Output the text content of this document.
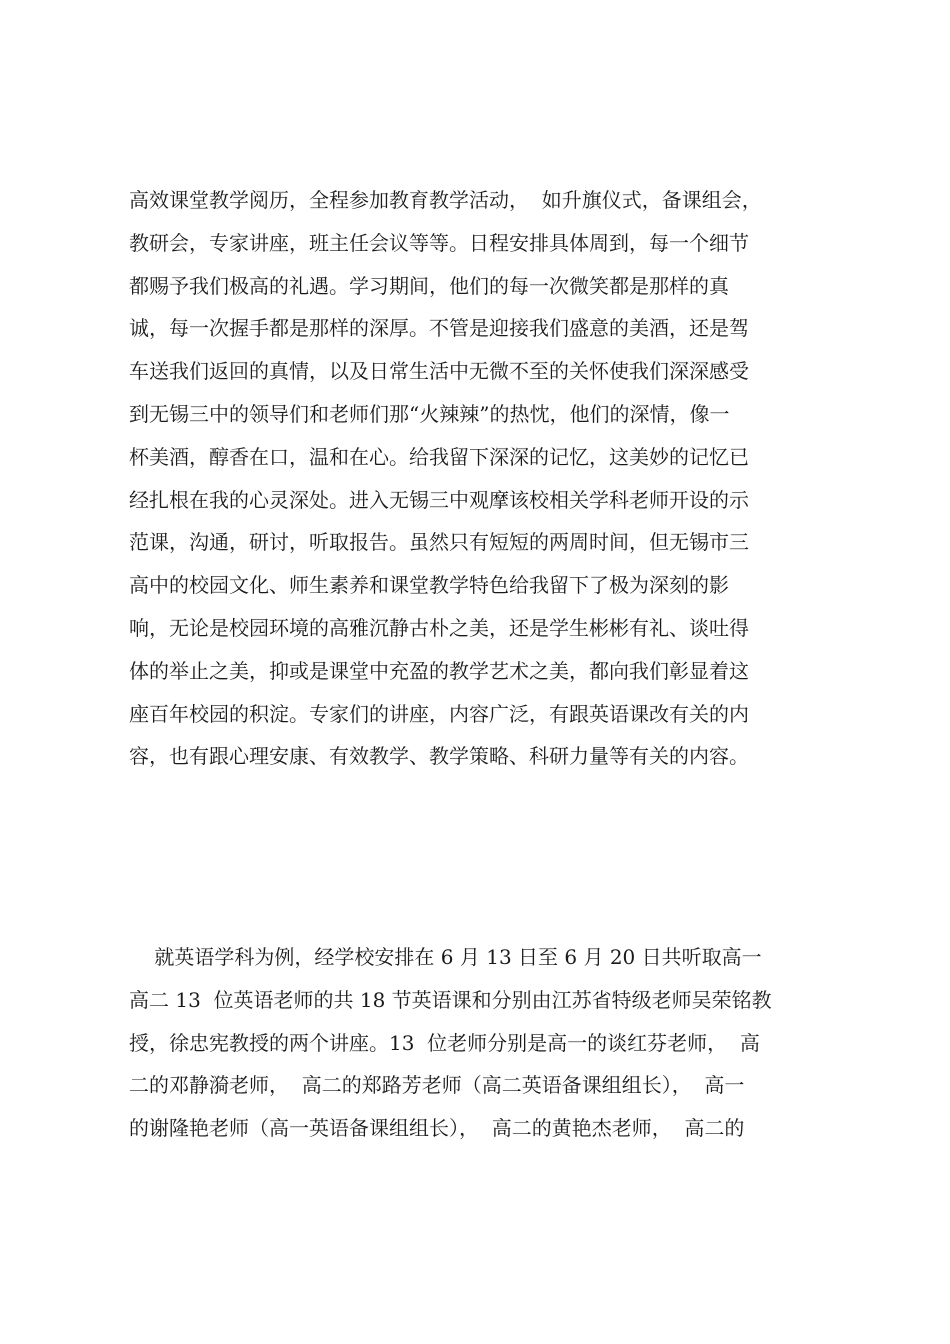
高效课堂教学阅历，全程参加教育教学活动，  如升旗仪式，备课组会，
教研会，专家讲座，班主任会议等等。日程安排具体周到，每一个细节
都赐予我们极高的礼遇。学习期间，他们的每一次微笑都是那样的真
诚，每一次握手都是那样的深厚。不管是迎接我们盛意的美酒，还是驾
车送我们返回的真情，以及日常生活中无微不至的关怀使我们深深感受
到无锡三中的领导们和老师们那“火辣辣”的热忱，他们的深情，像一
杯美酒，醇香在口，温和在心。给我留下深深的记忆，这美妙的记忆已
经扎根在我的心灵深处。进入无锡三中观摩该校相关学科老师开设的示
范课，沟通，研讨，听取报告。虽然只有短短的两周时间，但无锡市三
高中的校园文化、师生素养和课堂教学特色给我留下了极为深刻的影
响，无论是校园环境的高雅沉静古朴之美，还是学生彬彬有礼、谈吐得
体的举止之美，抑或是课堂中充盈的教学艺术之美，都向我们彰显着这
座百年校园的积淀。专家们的讲座，内容广泛，有跟英语课改有关的内
容，也有跟心理安康、有效教学、教学策略、科研力量等有关的内容。
就英语学科为例，经学校安排在 6 月 13 日至 6 月 20 日共听取高一
高二 13  位英语老师的共 18 节英语课和分别由江苏省特级老师吴荣铭教
授，徐忠宪教授的两个讲座。13  位老师分别是高一的谈红芬老师，  高
二的邓静漪老师，  高二的郑路芳老师（高二英语备课组组长），  高一
的谢隆艳老师（高一英语备课组组长），  高二的黄艳杰老师，  高二的
